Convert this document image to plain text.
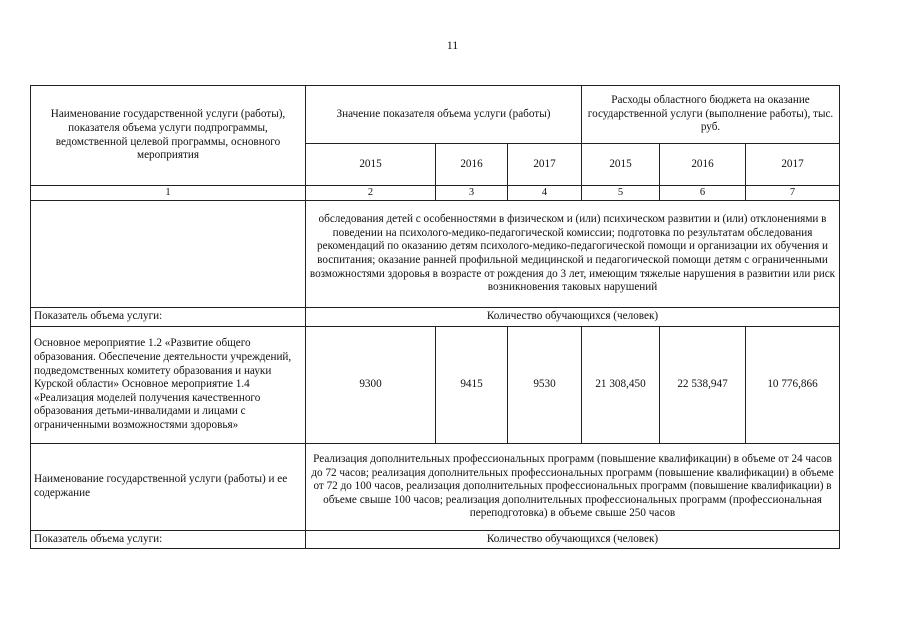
11
Наименование государственной услуги (работы), показателя объема услуги подпрограммы, ведомственной целевой программы, основного мероприятия	Значение показателя объема услуги (работы)			Расходы областного бюджета на оказание государственной услуги (выполнение работы), тыс. руб.		
	2015	2016	2017	2015	2016	2017
1	2	3	4	5	6	7
	обследования детей с особенностями в физическом и (или) психическом развитии и (или) отклонениями в поведении на психолого-медико-педагогической комиссии; подготовка по результатам обследования рекомендаций по оказанию детям психолого-медико-педагогической помощи и организации их обучения и воспитания; оказание ранней профильной медицинской и педагогической помощи детям с ограниченными возможностями здоровья в возрасте от рождения до 3 лет, имеющим тяжелые нарушения в развитии или риск возникновения таковых нарушений					
Показатель объема услуги:	Количество обучающихся (человек)					
Основное мероприятие 1.2 «Развитие общего образования. Обеспечение деятельности учреждений, подведомственных комитету образования и науки Курской области» Основное мероприятие 1.4 «Реализация моделей получения качественного образования детьми-инвалидами и лицами с ограниченными возможностями здоровья»	9300	9415	9530	21 308,450	22 538,947	10 776,866
Наименование государственной услуги (работы) и ее содержание	Реализация дополнительных профессиональных программ (повышение квалификации) в объеме от 24 часов до 72 часов; реализация дополнительных профессиональных программ (повышение квалификации) в объеме от 72 до 100 часов, реализация дополнительных профессиональных программ (повышение квалификации) в объеме свыше 100 часов; реализация дополнительных профессиональных программ (профессиональная переподготовка) в объеме свыше 250 часов					
Показатель объема услуги:	Количество обучающихся (человек)					
